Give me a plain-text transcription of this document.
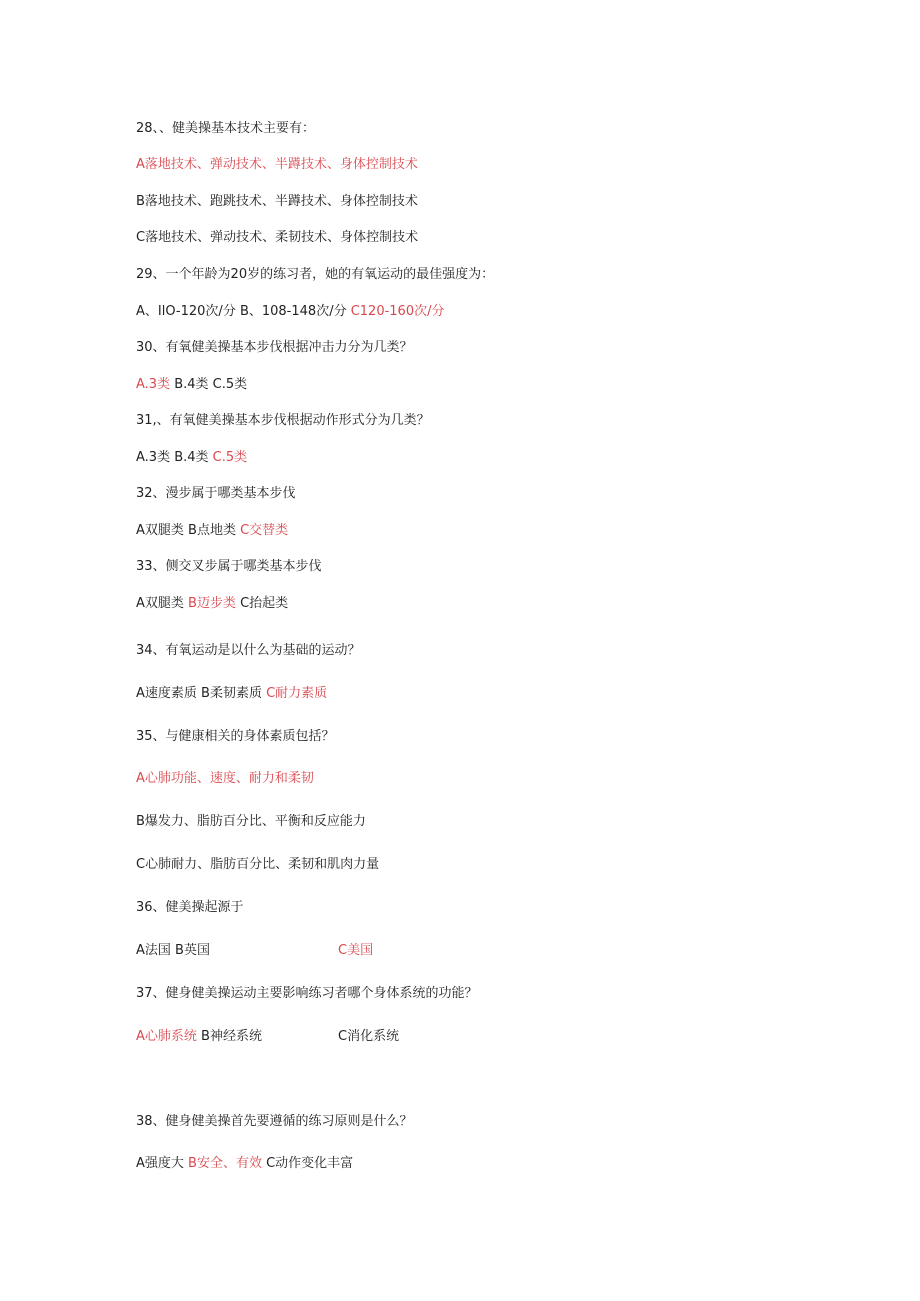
28、、健美操基本技术主要有：
A落地技术、弹动技术、半蹲技术、身体控制技术
B落地技术、跑跳技术、半蹲技术、身体控制技术
C落地技术、弹动技术、柔韧技术、身体控制技术
29、一个年龄为20岁的练习者，她的有氧运动的最佳强度为：
A、IlO-120次/分 B、108-148次/分 C120-160次/分
30、有氧健美操基本步伐根据冲击力分为几类？
A.3类 B.4类 C.5类
31,、有氧健美操基本步伐根据动作形式分为几类？
A.3类 B.4类 C.5类
32、漫步属于哪类基本步伐
A双腿类 B点地类 C交替类
33、侧交叉步属于哪类基本步伐
A双腿类 B迈步类 C抬起类
34、有氧运动是以什么为基础的运动？
A速度素质 B柔韧素质 C耐力素质
35、与健康相关的身体素质包括？
A心肺功能、速度、耐力和柔韧
B爆发力、脂肪百分比、平衡和反应能力
C心肺耐力、脂肪百分比、柔韧和肌肉力量
36、健美操起源于
A法国 B英国	C美国
37、健身健美操运动主要影响练习者哪个身体系统的功能？
A心肺系统 B神经系统	C消化系统
38、健身健美操首先要遵循的练习原则是什么？
A强度大 B安全、有效 C动作变化丰富
